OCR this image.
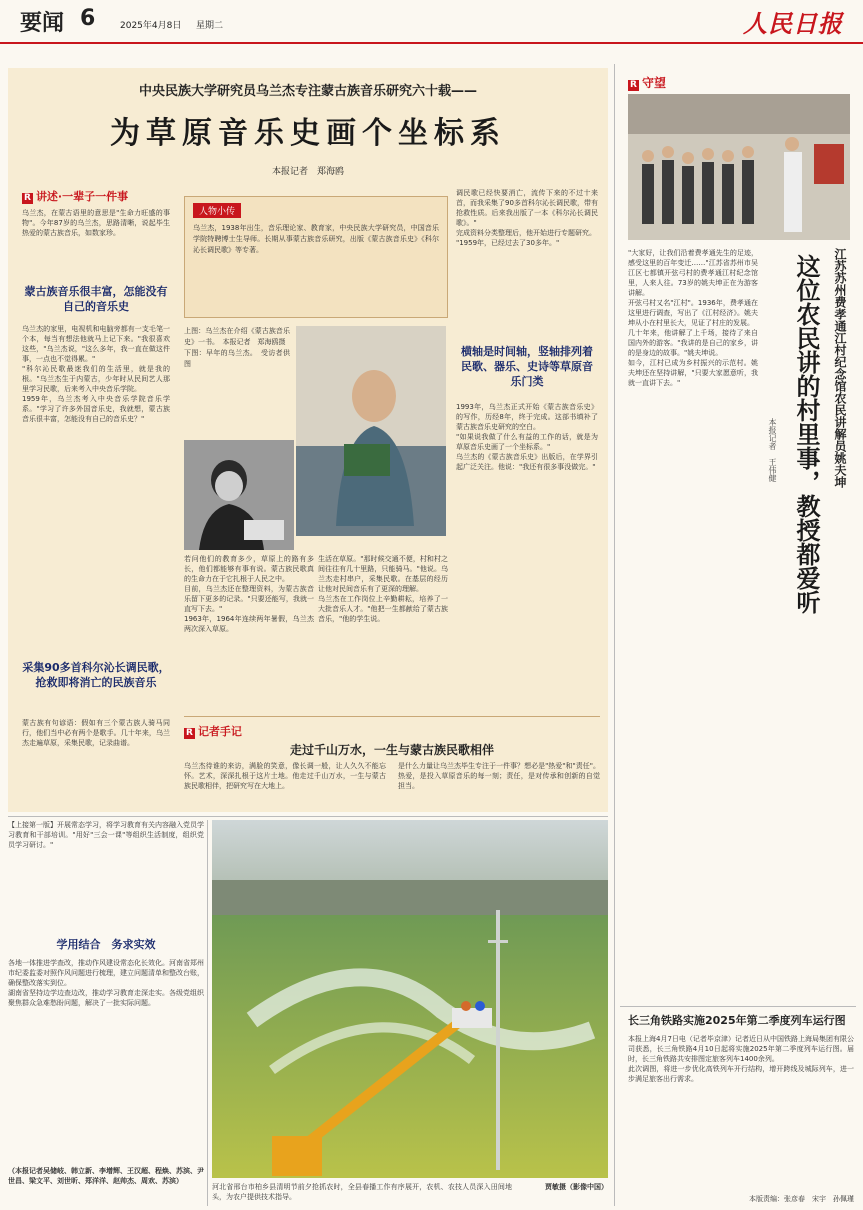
要闻 6	2025年4月8日 星期二	人民日报
中央民族大学研究员乌兰杰专注蒙古族音乐研究六十载——
为草原音乐史画个坐标系
本报记者　郑海鸥
R 讲述·一辈子一件事
乌兰杰，在蒙古语里的意思是"生命力旺盛的事物"。今年87岁的乌兰杰，思路清晰，说起毕生热爱的蒙古族音乐，如数家珍。
蒙古族音乐很丰富，怎能没有自己的音乐史
乌兰杰的家里，电视机和电脑旁都有一支毛笔一个本，每当有想法他就马上记下来。"我很喜欢这些，"乌兰杰说，"这么多年，我一直在做这件事，一点也不觉得累。"
"科尔沁民歌最迷我们的生活里，就是我的根。"乌兰杰生于内蒙古，少年时从民间艺人那里学习民歌，后来考入中央音乐学院。
1959年，乌兰杰考入中央音乐学院音乐学系。"学习了许多外国音乐史，我就想，蒙古族音乐很丰富，怎能没有自己的音乐史？"
采集90多首科尔沁长调民歌，抢救即将消亡的民族音乐
蒙古族有句谚语：假如有三个蒙古族人骑马同行，他们当中必有两个是歌手。几十年来，乌兰杰走遍草原，采集民歌，记录曲谱。
人物小传
乌兰杰，1938年出生，音乐理论家、教育家，中央民族大学研究员，中国音乐学院特聘博士生导师。长期从事蒙古族音乐研究，出版《蒙古族音乐史》《科尔沁长调民歌》等专著。
上图：乌兰杰在介绍《蒙古族音乐史》一书。　本报记者　郑海鸥摄
下图：早年的乌兰杰。　受访者供图
若问他们的教育多少，草原上的路有多长，他们都能够有事有说。蒙古族民歌真的生命力在于它扎根于人民之中。
目前，乌兰杰还在整理资料，为蒙古族音乐留下更多的记录。"只要还能写，我就一直写下去。"
1963年，1964年连续两年暑假，乌兰杰两次深入草原。
生活在草原。"那时候交通不便，村和村之间往往有几十里路，只能骑马。"他说。乌兰杰走村串户，采集民歌。在基层的经历让他对民间音乐有了更深的理解。
乌兰杰在工作岗位上辛勤耕耘，培养了一大批音乐人才。"他把一生都献给了蒙古族音乐，"他的学生说。
调民歌已经快要消亡，流传下来的不过十来首，而我采集了90多首科尔沁长调民歌，带有抢救性质。后来我出版了一本《科尔沁长调民歌》。"
完成资料分类整理后，他开始进行专题研究。
"1959年，已经过去了30多年。"
横轴是时间轴，竖轴排列着民歌、器乐、史诗等草原音乐门类
1993年，乌兰杰正式开始《蒙古族音乐史》的写作，历经8年，终于完成。这部书填补了蒙古族音乐史研究的空白。
"如果说我做了什么有益的工作的话，就是为草原音乐史画了一个坐标系。"
乌兰杰的《蒙古族音乐史》出版后，在学界引起广泛关注。他说："我还有很多事没做完。"
R 记者手记
走过千山万水，一生与蒙古族民歌相伴
乌兰杰待谁的来访，满脸的笑意，像长调一般，让人久久不能忘怀。艺术，深深扎根于这片土地。他走过千山万水，一生与蒙古族民歌相伴，把研究写在大地上。
是什么力量让乌兰杰毕生专注于一件事？想必是"热爱"和"责任"。热爱，是投入草原音乐的每一刻；责任，是对传承和创新的自觉担当。
R 守望
江苏苏州费孝通江村纪念馆农民讲解员姚夫坤
这位农民讲的村里事，教授都爱听
本报记者　王伟健
"大家好，让我们沿着费孝通先生的足迹，感受这里的百年变迁……"江苏省苏州市吴江区七都镇开弦弓村的费孝通江村纪念馆里，人来人往。73岁的姚夫坤正在为游客讲解。
开弦弓村又名"江村"。1936年，费孝通在这里进行调查，写出了《江村经济》。姚夫坤从小在村里长大，见证了村庄的发展。
几十年来，他讲解了上千场，接待了来自国内外的游客。"我讲的是自己的家乡，讲的是身边的故事。"姚夫坤说。
如今，江村已成为乡村振兴的示范村。姚夫坤还在坚持讲解，"只要大家愿意听，我就一直讲下去。"
【上接第一版】开展常态学习，将学习教育有关内容融入党员学习教育和干部培训。"用好"三会一课"等组织生活制度，组织党员学习研讨。"
学用结合　务求实效
各地一体推进学查改，推动作风建设常态化长效化。河南省郑州市纪委监委对照作风问题进行梳理，建立问题清单和整改台账，确保整改落实到位。
湖南省坚持边学边查边改，推动学习教育走深走实。各级党组织聚焦群众急难愁盼问题，解决了一批实际问题。
（本报记者吴储岐、韩立新、李增辉、王汉超、程焕、苏滨、尹世昌、梁文平、刘世昕、郑洋洋、赵帅杰、周欢、苏滨）
河北省邢台市柏乡县清明节前夕抢抓农时，全县春播工作有序展开，农机、农技人员深入田间地头，为农户提供技术指导。
贾敏摄（影像中国）
长三角铁路实施2025年第二季度列车运行图
本报上海4月7日电（记者毕京津）记者近日从中国铁路上海局集团有限公司获悉，长三角铁路4月10日起将实施2025年第二季度列车运行图。届时，长三角铁路共安排图定旅客列车1400余列。
此次调图，将进一步优化高铁列车开行结构，增开跨线及城际列车，进一步满足旅客出行需求。
本版责编：张彦春　宋宇　孙佩瑾
